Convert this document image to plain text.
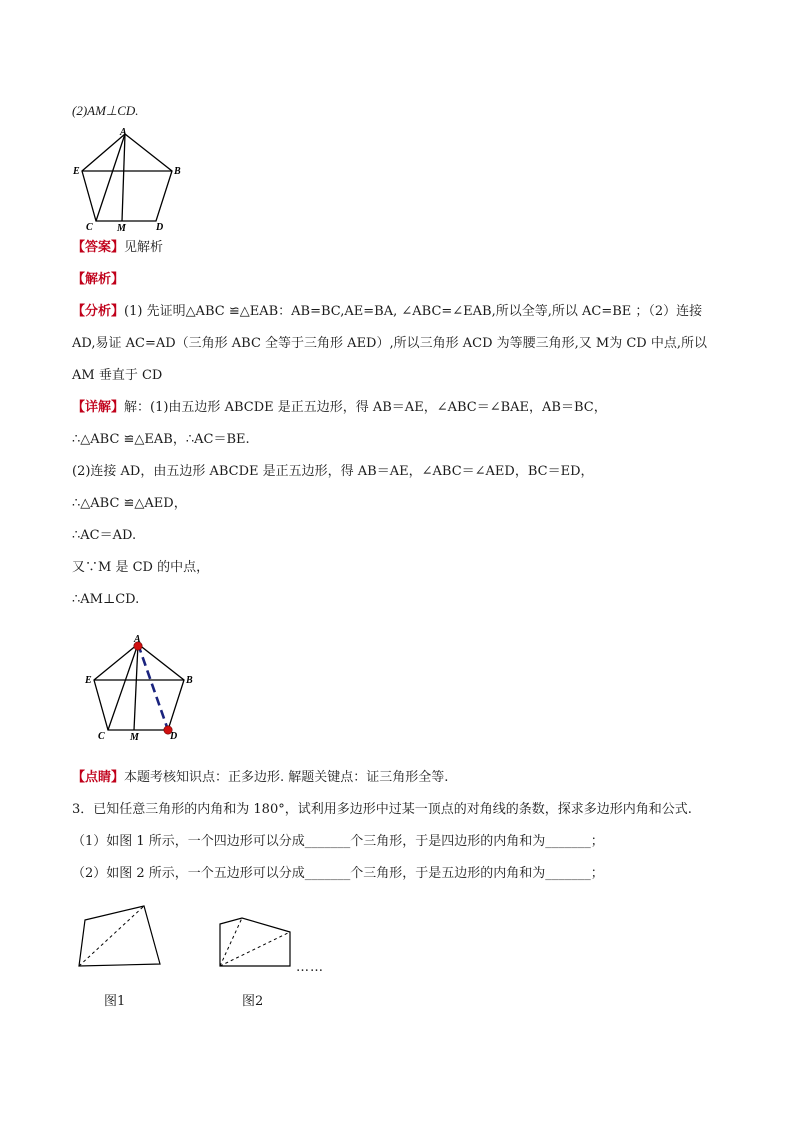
(2)AM⊥CD.
A
E	B
C M	D
【答案】见解析
【解析】
【分析】(1) 先证明△ABC ≌△EAB：AB=BC,AE=BA, ∠ABC=∠EAB,所以全等,所以 AC=BE ；（2）连接
AD,易证 AC=AD（三角形 ABC 全等于三角形 AED）,所以三角形 ACD 为等腰三角形,又 M为 CD 中点,所以
AM 垂直于 CD
【详解】解：(1)由五边形 ABCDE 是正五边形，得 AB＝AE，∠ABC＝∠BAE，AB＝BC，
∴△ABC ≌△EAB，∴AC＝BE.
(2)连接 AD，由五边形 ABCDE 是正五边形，得 AB＝AE，∠ABC＝∠AED，BC＝ED，
∴△ABC ≌△AED，
∴AC＝AD.
又∵M 是 CD 的中点，
∴AM⊥CD.
A
E	B
C	M	D
【点睛】本题考核知识点：正多边形. 解题关键点：证三角形全等.
3．已知任意三角形的内角和为 180°，试利用多边形中过某一顶点的对角线的条数，探求多边形内角和公式.
（1）如图 1 所示，一个四边形可以分成_______个三角形，于是四边形的内角和为_______；
（2）如图 2 所示，一个五边形可以分成_______个三角形，于是五边形的内角和为_______；
图1
……
图2
